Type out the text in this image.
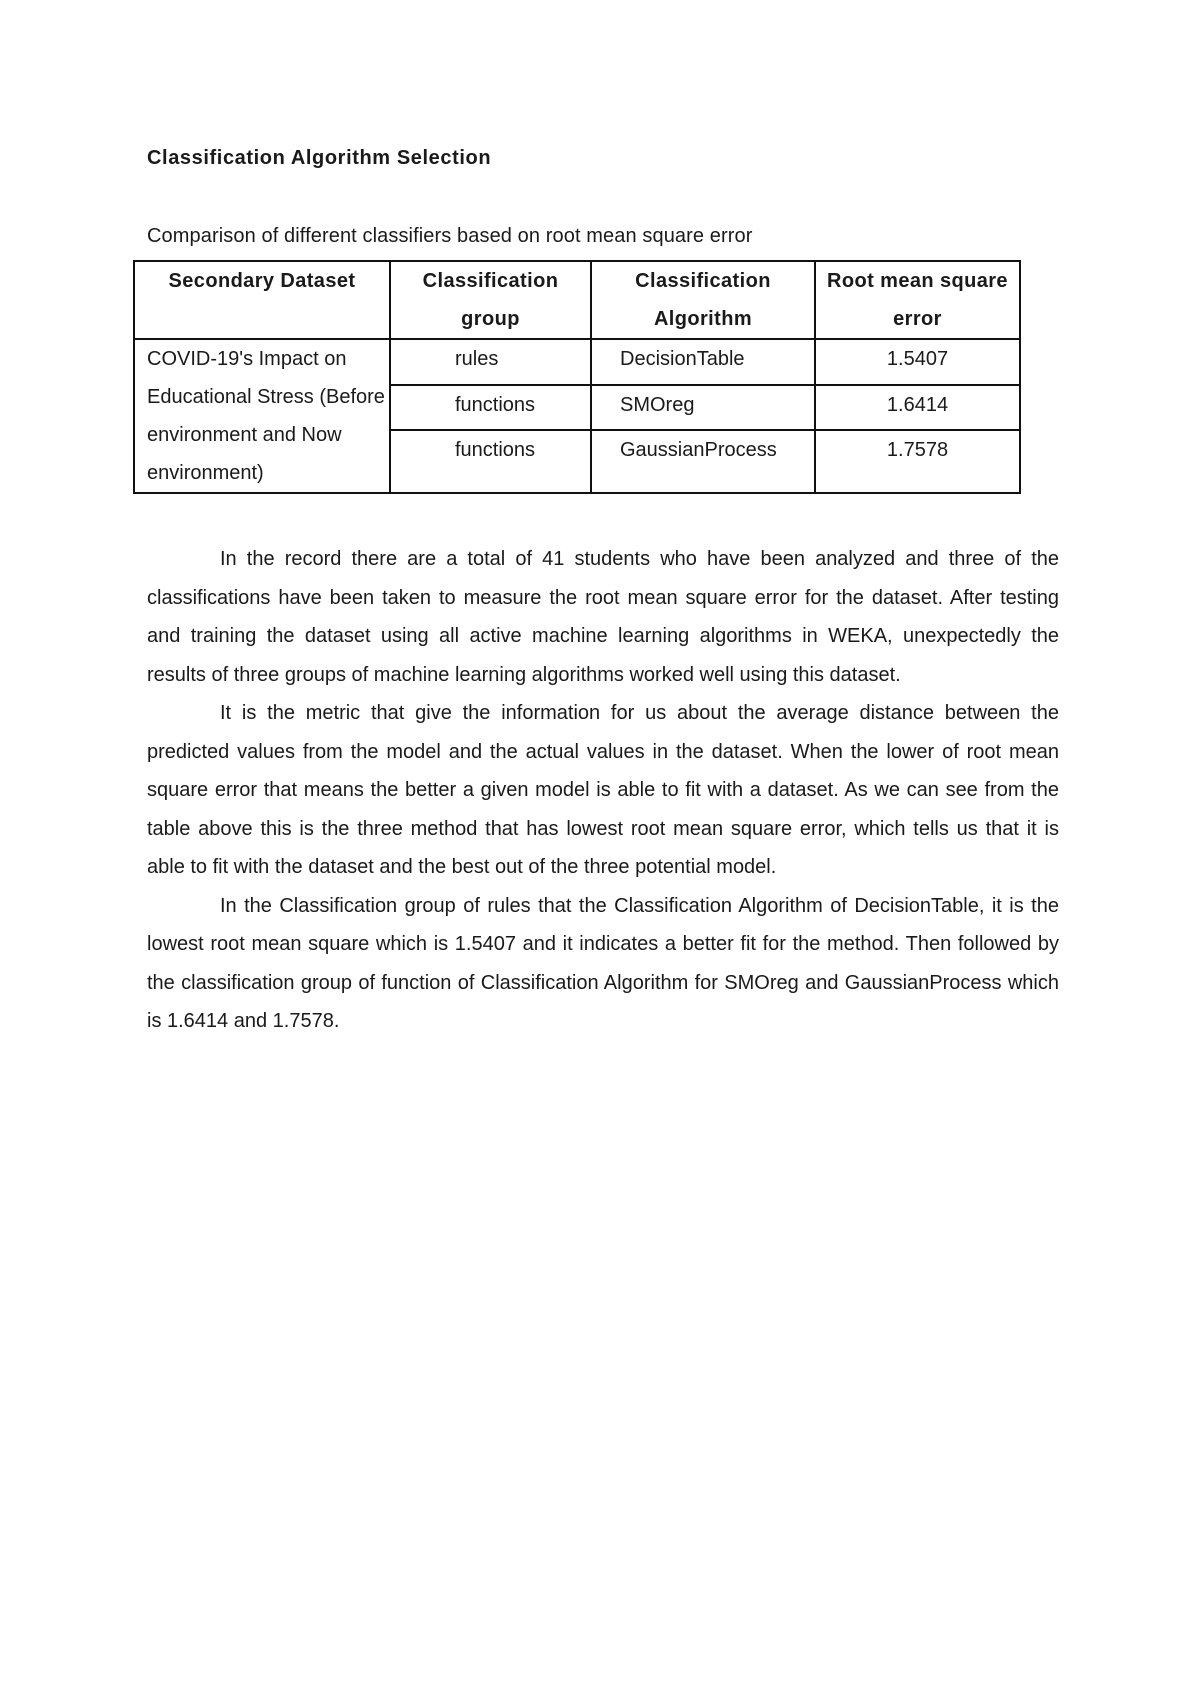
Classification Algorithm Selection
Comparison of different classifiers based on root mean square error
Secondary Dataset	Classification group	Classification Algorithm	Root mean square error
COVID-19's Impact on Educational Stress (Before environment and Now environment)	rules	DecisionTable	1.5407
	functions	SMOreg	1.6414
	functions	GaussianProcess	1.7578

In the record there are a total of 41 students who have been analyzed and three of the classifications have been taken to measure the root mean square error for the dataset. After testing and training the dataset using all active machine learning algorithms in WEKA, unexpectedly the results of three groups of machine learning algorithms worked well using this dataset.

It is the metric that give the information for us about the average distance between the predicted values from the model and the actual values in the dataset. When the lower of root mean square error that means the better a given model is able to fit with a dataset. As we can see from the table above this is the three method that has lowest root mean square error, which tells us that it is able to fit with the dataset and the best out of the three potential model.

In the Classification group of rules that the Classification Algorithm of DecisionTable, it is the lowest root mean square which is 1.5407 and it indicates a better fit for the method. Then followed by the classification group of function of Classification Algorithm for SMOreg and GaussianProcess which is 1.6414 and 1.7578.
